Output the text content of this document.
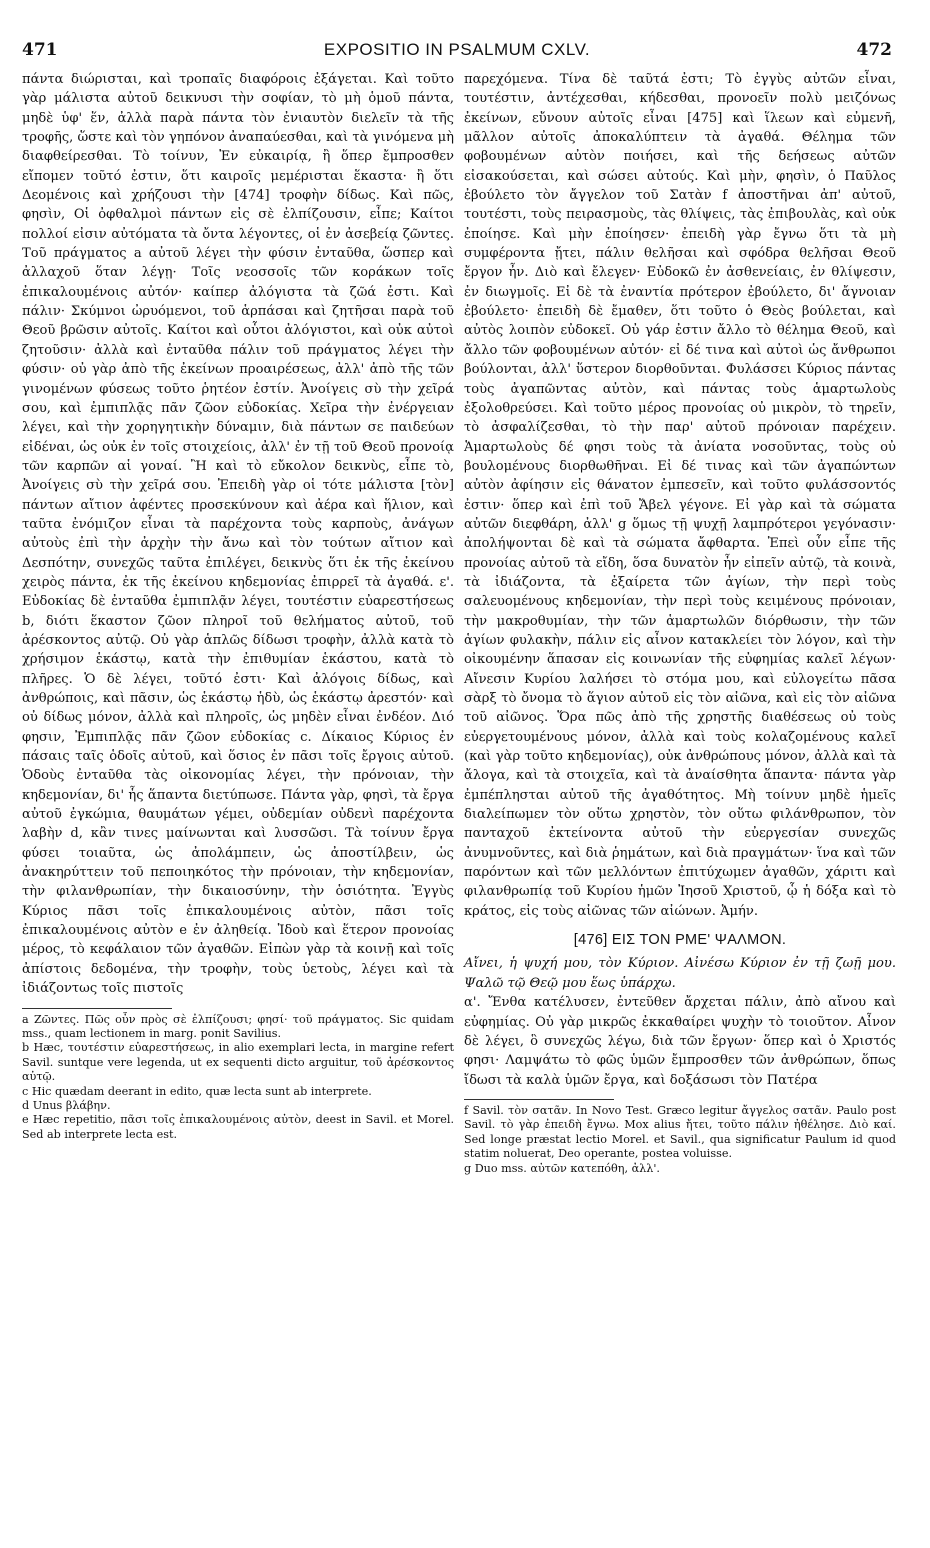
471	EXPOSITIO IN PSALMUM CXLV.	472

πάντα διώρισται, καὶ τροπαῖς διαφόροις ἐξάγεται. Καὶ τοῦτο γὰρ μάλιστα αὐτοῦ δεικνυσι τὴν σοφίαν, τὸ μὴ ὁμοῦ πάντα, μηδὲ ὑφ' ἕν, ἀλλὰ παρὰ πάντα τὸν ἐνιαυτὸν διελεῖν τὰ τῆς τροφῆς, ὥστε καὶ τὸν γηπόνον ἀναπαύεσθαι, καὶ τὰ γινόμενα μὴ διαφθείρεσθαι. Τὸ τοίνυν, Ἐν εὐκαιρίᾳ, ἢ ὅπερ ἔμπροσθεν εἴπομεν τοῦτό ἐστιν, ὅτι καιροῖς μεμέρισται ἕκαστα· ἢ ὅτι Δεομένοις καὶ χρήζουσι τὴν [474] τροφὴν δίδως. Καὶ πῶς, φησὶν, Οἱ ὀφθαλμοὶ πάντων εἰς σὲ ἐλπίζουσιν, εἶπε; Καίτοι πολλοί εἰσιν αὐτόματα τὰ ὄντα λέγοντες, οἱ ἐν ἀσεβείᾳ ζῶντες. Τοῦ πράγματος a αὐτοῦ λέγει τὴν φύσιν ἐνταῦθα, ὥσπερ καὶ ἀλλαχοῦ ὅταν λέγῃ· Τοῖς νεοσσοῖς τῶν κοράκων τοῖς ἐπικαλουμένοις αὐτόν· καίπερ ἀλόγιστα τὰ ζῶά ἐστι. Καὶ πάλιν· Σκύμνοι ὠρυόμενοι, τοῦ ἁρπάσαι καὶ ζητῆσαι παρὰ τοῦ Θεοῦ βρῶσιν αὐτοῖς. Καίτοι καὶ οὗτοι ἀλόγιστοι, καὶ οὐκ αὐτοὶ ζητοῦσιν· ἀλλὰ καὶ ἐνταῦθα πάλιν τοῦ πράγματος λέγει τὴν φύσιν· οὐ γὰρ ἀπὸ τῆς ἐκείνων προαιρέσεως, ἀλλ' ἀπὸ τῆς τῶν γινομένων φύσεως τοῦτο ῥητέον ἐστίν. Ἀνοίγεις σὺ τὴν χεῖρά σου, καὶ ἐμπιπλᾷς πᾶν ζῶον εὐδοκίας. Χεῖρα τὴν ἐνέργειαν λέγει, καὶ τὴν χορηγητικὴν δύναμιν, διὰ πάντων σε παιδεύων εἰδέναι, ὡς οὐκ ἐν τοῖς στοιχείοις, ἀλλ' ἐν τῇ τοῦ Θεοῦ προνοίᾳ τῶν καρπῶν αἱ γοναί. Ἢ καὶ τὸ εὔκολον δεικνὺς, εἶπε τὸ, Ἀνοίγεις σὺ τὴν χεῖρά σου. Ἐπειδὴ γὰρ οἱ τότε μάλιστα [τὸν] πάντων αἴτιον ἀφέντες προσεκύνουν καὶ ἀέρα καὶ ἥλιον, καὶ ταῦτα ἐνόμιζον εἶναι τὰ παρέχοντα τοὺς καρποὺς, ἀνάγων αὐτοὺς ἐπὶ τὴν ἀρχὴν τὴν ἄνω καὶ τὸν τούτων αἴτιον καὶ Δεσπότην, συνεχῶς ταῦτα ἐπιλέγει, δεικνὺς ὅτι ἐκ τῆς ἐκείνου χειρὸς πάντα, ἐκ τῆς ἐκείνου κηδεμονίας ἐπιρρεῖ τὰ ἀγαθά. ε'. Εὐδοκίας δὲ ἐνταῦθα ἐμπιπλᾷν λέγει, τουτέστιν εὐαρεστήσεως b, διότι ἕκαστον ζῶον πληροῖ τοῦ θελήματος αὐτοῦ, τοῦ ἀρέσκοντος αὐτῷ. Οὐ γὰρ ἁπλῶς δίδωσι τροφὴν, ἀλλὰ κατὰ τὸ χρήσιμον ἑκάστῳ, κατὰ τὴν ἐπιθυμίαν ἑκάστου, κατὰ τὸ πλῆρες. Ὁ δὲ λέγει, τοῦτό ἐστι· Καὶ ἀλόγοις δίδως, καὶ ἀνθρώποις, καὶ πᾶσιν, ὡς ἑκάστῳ ἡδὺ, ὡς ἑκάστῳ ἀρεστόν· καὶ οὐ δίδως μόνον, ἀλλὰ καὶ πληροῖς, ὡς μηδὲν εἶναι ἐνδέον. Διό φησιν, Ἐμπιπλᾷς πᾶν ζῶον εὐδοκίας c. Δίκαιος Κύριος ἐν πάσαις ταῖς ὁδοῖς αὐτοῦ, καὶ ὅσιος ἐν πᾶσι τοῖς ἔργοις αὐτοῦ. Ὁδοὺς ἐνταῦθα τὰς οἰκονομίας λέγει, τὴν πρόνοιαν, τὴν κηδεμονίαν, δι' ἧς ἅπαντα διετύπωσε. Πάντα γὰρ, φησὶ, τὰ ἔργα αὐτοῦ ἐγκώμια, θαυμάτων γέμει, οὐδεμίαν οὐδενὶ παρέχοντα λαβὴν d, κἂν τινες μαίνωνται καὶ λυσσῶσι. Τὰ τοίνυν ἔργα φύσει τοιαῦτα, ὡς ἀπολάμπειν, ὡς ἀποστίλβειν, ὡς ἀνακηρύττειν τοῦ πεποιηκότος τὴν πρόνοιαν, τὴν κηδεμονίαν, τὴν φιλανθρωπίαν, τὴν δικαιοσύνην, τὴν ὁσιότητα. Ἐγγὺς Κύριος πᾶσι τοῖς ἐπικαλουμένοις αὐτὸν, πᾶσι τοῖς ἐπικαλουμένοις αὐτὸν e ἐν ἀληθείᾳ. Ἰδοὺ καὶ ἕτερον προνοίας μέρος, τὸ κεφάλαιον τῶν ἀγαθῶν. Εἰπὼν γὰρ τὰ κοινῇ καὶ τοῖς ἀπίστοις δεδομένα, τὴν τροφὴν, τοὺς ὑετοὺς, λέγει καὶ τὰ ἰδιάζοντως τοῖς πιστοῖς

a Ζῶντες. Πῶς οὖν πρὸς σὲ ἐλπίζουσι; φησί· τοῦ πράγματος. Sic quidam mss., quam lectionem in marg. ponit Savilius.

b Hæc, τουτέστιν εὐαρεστήσεως, in alio exemplari lecta, in margine refert Savil. suntque vere legenda, ut ex sequenti dicto arguitur, τοῦ ἀρέσκοντος αὐτῷ.

c Hic quædam deerant in edito, quæ lecta sunt ab interprete.

d Unus βλάβην.

e Hæc repetitio, πᾶσι τοῖς ἐπικαλουμένοις αὐτὸν, deest in Savil. et Morel. Sed ab interprete lecta est.

παρεχόμενα. Τίνα δὲ ταῦτά ἐστι; Τὸ ἐγγὺς αὐτῶν εἶναι, τουτέστιν, ἀντέχεσθαι, κήδεσθαι, προνοεῖν πολὺ μειζόνως ἐκείνων, εὔνουν αὐτοῖς εἶναι [475] καὶ ἵλεων καὶ εὐμενῆ, μᾶλλον αὐτοῖς ἀποκαλύπτειν τὰ ἀγαθά. Θέλημα τῶν φοβουμένων αὐτὸν ποιήσει, καὶ τῆς δεήσεως αὐτῶν εἰσακούσεται, καὶ σώσει αὐτούς. Καὶ μὴν, φησὶν, ὁ Παῦλος ἐβούλετο τὸν ἄγγελον τοῦ Σατὰν f ἀποστῆναι ἀπ' αὐτοῦ, τουτέστι, τοὺς πειρασμοὺς, τὰς θλίψεις, τὰς ἐπιβουλὰς, καὶ οὐκ ἐποίησε. Καὶ μὴν ἐποίησεν· ἐπειδὴ γὰρ ἔγνω ὅτι τὰ μὴ συμφέροντα ᾔτει, πάλιν θελῆσαι καὶ σφόδρα θελῆσαι Θεοῦ ἔργον ἦν. Διὸ καὶ ἔλεγεν· Εὐδοκῶ ἐν ἀσθενείαις, ἐν θλίψεσιν, ἐν διωγμοῖς. Εἰ δὲ τὰ ἐναντία πρότερον ἐβούλετο, δι' ἄγνοιαν ἐβούλετο· ἐπειδὴ δὲ ἔμαθεν, ὅτι τοῦτο ὁ Θεὸς βούλεται, καὶ αὐτὸς λοιπὸν εὐδοκεῖ. Οὐ γάρ ἐστιν ἄλλο τὸ θέλημα Θεοῦ, καὶ ἄλλο τῶν φοβουμένων αὐτόν· εἰ δέ τινα καὶ αὐτοὶ ὡς ἄνθρωποι βούλονται, ἀλλ' ὕστερον διορθοῦνται. Φυλάσσει Κύριος πάντας τοὺς ἀγαπῶντας αὐτὸν, καὶ πάντας τοὺς ἁμαρτωλοὺς ἐξολοθρεύσει. Καὶ τοῦτο μέρος προνοίας οὐ μικρὸν, τὸ τηρεῖν, τὸ ἀσφαλίζεσθαι, τὸ τὴν παρ' αὐτοῦ πρόνοιαν παρέχειν. Ἁμαρτωλοὺς δέ φησι τοὺς τὰ ἀνίατα νοσοῦντας, τοὺς οὐ βουλομένους διορθωθῆναι. Εἰ δέ τινας καὶ τῶν ἀγαπώντων αὐτὸν ἀφίησιν εἰς θάνατον ἐμπεσεῖν, καὶ τοῦτο φυλάσσοντός ἐστιν· ὅπερ καὶ ἐπὶ τοῦ Ἄβελ γέγονε. Εἰ γὰρ καὶ τὰ σώματα αὐτῶν διεφθάρη, ἀλλ' g ὅμως τῇ ψυχῇ λαμπρότεροι γεγόνασιν· ἀπολήψονται δὲ καὶ τὰ σώματα ἄφθαρτα. Ἐπεὶ οὖν εἶπε τῆς προνοίας αὐτοῦ τὰ εἴδη, ὅσα δυνατὸν ἦν εἰπεῖν αὐτῷ, τὰ κοινὰ, τὰ ἰδιάζοντα, τὰ ἐξαίρετα τῶν ἁγίων, τὴν περὶ τοὺς σαλευομένους κηδεμονίαν, τὴν περὶ τοὺς κειμένους πρόνοιαν, τὴν μακροθυμίαν, τὴν τῶν ἁμαρτωλῶν διόρθωσιν, τὴν τῶν ἁγίων φυλακὴν, πάλιν εἰς αἶνον κατακλείει τὸν λόγον, καὶ τὴν οἰκουμένην ἅπασαν εἰς κοινωνίαν τῆς εὐφημίας καλεῖ λέγων· Αἴνεσιν Κυρίου λαλήσει τὸ στόμα μου, καὶ εὐλογείτω πᾶσα σὰρξ τὸ ὄνομα τὸ ἅγιον αὐτοῦ εἰς τὸν αἰῶνα, καὶ εἰς τὸν αἰῶνα τοῦ αἰῶνος. Ὅρα πῶς ἀπὸ τῆς χρηστῆς διαθέσεως οὐ τοὺς εὐεργετουμένους μόνον, ἀλλὰ καὶ τοὺς κολαζομένους καλεῖ (καὶ γὰρ τοῦτο κηδεμονίας), οὐκ ἀνθρώπους μόνον, ἀλλὰ καὶ τὰ ἄλογα, καὶ τὰ στοιχεῖα, καὶ τὰ ἀναίσθητα ἅπαντα· πάντα γὰρ ἐμπέπλησται αὐτοῦ τῆς ἀγαθότητος. Μὴ τοίνυν μηδὲ ἡμεῖς διαλείπωμεν τὸν οὕτω χρηστὸν, τὸν οὕτω φιλάνθρωπον, τὸν πανταχοῦ ἐκτείνοντα αὐτοῦ τὴν εὐεργεσίαν συνεχῶς ἀνυμνοῦντες, καὶ διὰ ῥημάτων, καὶ διὰ πραγμάτων· ἵνα καὶ τῶν παρόντων καὶ τῶν μελλόντων ἐπιτύχωμεν ἀγαθῶν, χάριτι καὶ φιλανθρωπίᾳ τοῦ Κυρίου ἡμῶν Ἰησοῦ Χριστοῦ, ᾧ ἡ δόξα καὶ τὸ κράτος, εἰς τοὺς αἰῶνας τῶν αἰώνων. Ἀμήν.

[476] ΕΙΣ ΤΟΝ ΡΜΕ' ΨΑΛΜΟΝ.

Αἴνει, ἡ ψυχή μου, τὸν Κύριον. Αἰνέσω Κύριον ἐν τῇ ζωῇ μου. Ψαλῶ τῷ Θεῷ μου ἕως ὑπάρχω.

α'. Ἔνθα κατέλυσεν, ἐντεῦθεν ἄρχεται πάλιν, ἀπὸ αἴνου καὶ εὐφημίας. Οὐ γὰρ μικρῶς ἐκκαθαίρει ψυχὴν τὸ τοιοῦτον. Αἶνον δὲ λέγει, ὃ συνεχῶς λέγω, διὰ τῶν ἔργων· ὅπερ καὶ ὁ Χριστός φησι· Λαμψάτω τὸ φῶς ὑμῶν ἔμπροσθεν τῶν ἀνθρώπων, ὅπως ἴδωσι τὰ καλὰ ὑμῶν ἔργα, καὶ δοξάσωσι τὸν Πατέρα

f Savil. τὸν σατᾶν. In Novo Test. Græco legitur ἄγγελος σατᾶν. Paulo post Savil. τὸ γὰρ ἐπειδὴ ἔγνω. Mox alius ἤτει, τοῦτο πάλιν ἠθέλησε. Διὸ καί. Sed longe præstat lectio Morel. et Savil., qua significatur Paulum id quod statim noluerat, Deo operante, postea voluisse.

g Duo mss. αὐτῶν κατεπόθη, ἀλλ'.
